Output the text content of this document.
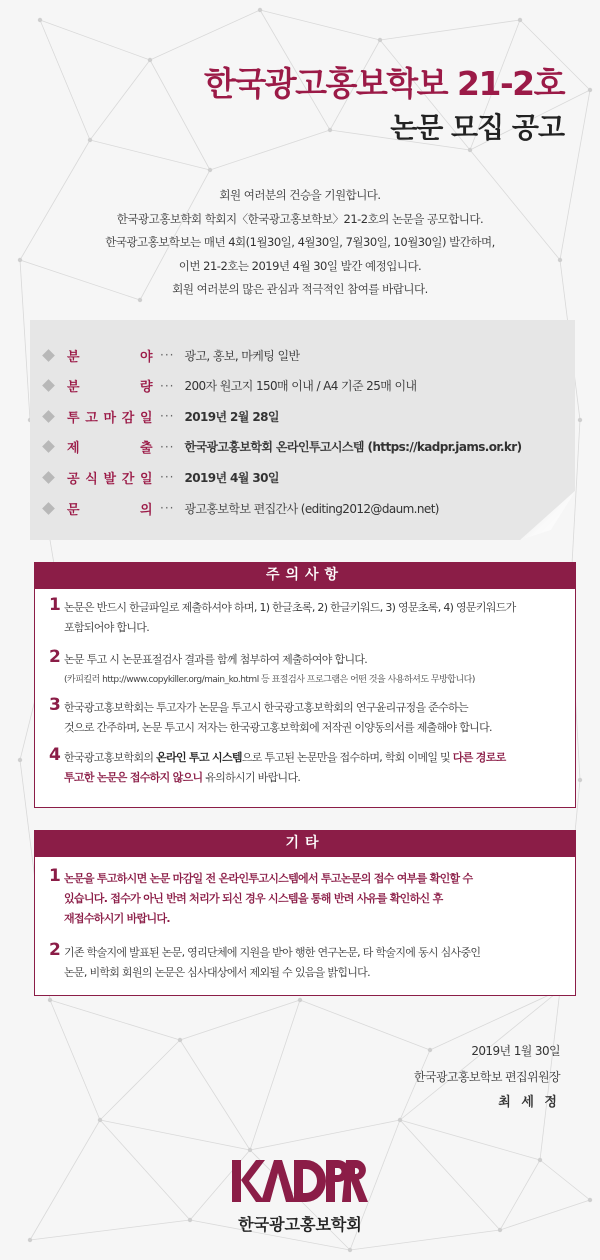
한국광고홍보학보 21-2호
논문 모집 공고
회원 여러분의 건승을 기원합니다.
한국광고홍보학회 학회지〈한국광고홍보학보〉21-2호의 논문을 공모합니다.
한국광고홍보학보는 매년 4회(1월30일, 4월30일, 7월30일, 10월30일) 발간하며,
이번 21-2호는 2019년 4월 30일 발간 예정입니다.
회원 여러분의 많은 관심과 적극적인 참여를 바랍니다.
분	야 ··· 광고, 홍보, 마케팅 일반
분	량 ··· 200자 원고지 150매 이내 / A4 기준 25매 이내
투 고 마 감 일 ··· 2019년 2월 28일
제	출 ··· 한국광고홍보학회 온라인투고시스템 (https://kadpr.jams.or.kr)
공 식 발 간 일 ··· 2019년 4월 30일
문	의 ··· 광고홍보학보 편집간사 (editing2012@daum.net)
주의사항
1 논문은 반드시 한글파일로 제출하셔야 하며, 1) 한글초록, 2) 한글키워드, 3) 영문초록, 4) 영문키워드가
포함되어야 합니다.
2 논문 투고 시 논문표절검사 결과를 함께 첨부하여 제출하여야 합니다.
(카피킬러 http://www.copykiller.org/main_ko.html 등 표절검사 프로그램은 어떤 것을 사용하셔도 무방합니다)
3 한국광고홍보학회는 투고자가 논문을 투고시 한국광고홍보학회의 연구윤리규정을 준수하는
것으로 간주하며, 논문 투고시 저자는 한국광고홍보학회에 저작권 이양동의서를 제출해야 합니다.
4 한국광고홍보학회의 온라인 투고 시스템으로 투고된 논문만을 접수하며, 학회 이메일 및 다른 경로로
투고한 논문은 접수하지 않으니 유의하시기 바랍니다.
기타
1 논문을 투고하시면 논문 마감일 전 온라인투고시스템에서 투고논문의 접수 여부를 확인할 수
있습니다. 접수가 아닌 반려 처리가 되신 경우 시스템을 통해 반려 사유를 확인하신 후
재접수하시기 바랍니다.
2 기존 학술지에 발표된 논문, 영리단체에 지원을 받아 행한 연구논문, 타 학술지에 동시 심사중인
논문, 비학회 회원의 논문은 심사대상에서 제외될 수 있음을 밝힙니다.
2019년 1월 30일
한국광고홍보학보 편집위원장
최 세 정
KADPR
한국광고홍보학회
